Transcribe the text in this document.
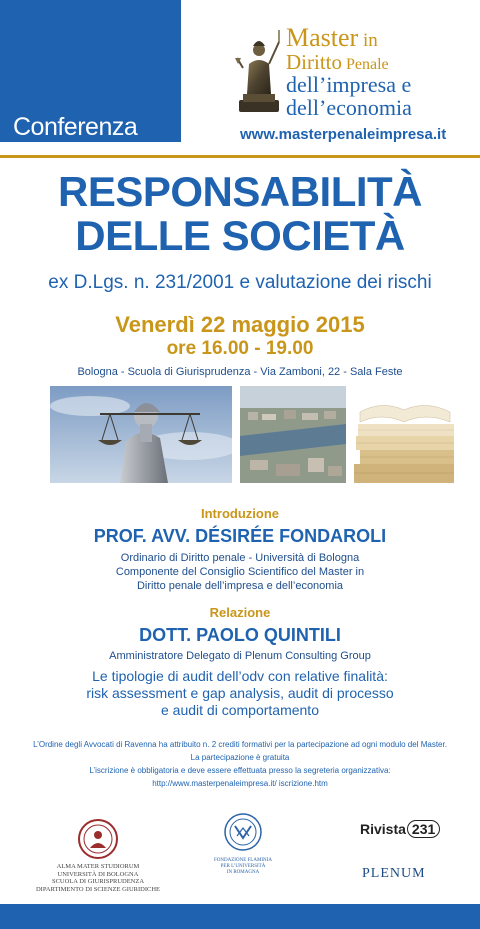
Conferenza
Master in
Diritto Penale
dell’impresa e
dell’economia
www.masterpenaleimpresa.it
RESPONSABILITÀ
DELLE SOCIETÀ
ex D.Lgs. n. 231/2001 e valutazione dei rischi
Venerdì 22 maggio 2015
ore 16.00 - 19.00
Bologna - Scuola di Giurisprudenza - Via Zamboni, 22 - Sala Feste
Introduzione
PROF. AVV. DÉSIRÉE FONDAROLI
Ordinario di Diritto penale - Università di Bologna
Componente del Consiglio Scientifico del Master in
Diritto penale dell’impresa e dell’economia
Relazione
DOTT. PAOLO QUINTILI
Amministratore Delegato di Plenum Consulting Group
Le tipologie di audit dell’odv con relative finalità:
risk assessment e gap analysis, audit di processo
e audit di comportamento
L’Ordine degli Avvocati di Ravenna ha attribuito n. 2 crediti formativi per la partecipazione ad ogni modulo del Master.
La partecipazione è gratuita
L’iscrizione è obbligatoria e deve essere effettuata presso la segreteria organizzativa:
http://www.masterpenaleimpresa.it/ iscrizione.htm
ALMA MATER STUDIORUM
UNIVERSITÀ DI BOLOGNA
SCUOLA DI GIURISPRUDENZA
DIPARTIMENTO DI SCIENZE GIURIDICHE
FONDAZIONE FLAMINIA
PER L’UNIVERSITÀ
IN ROMAGNA
Rivista 231
PLENUM
